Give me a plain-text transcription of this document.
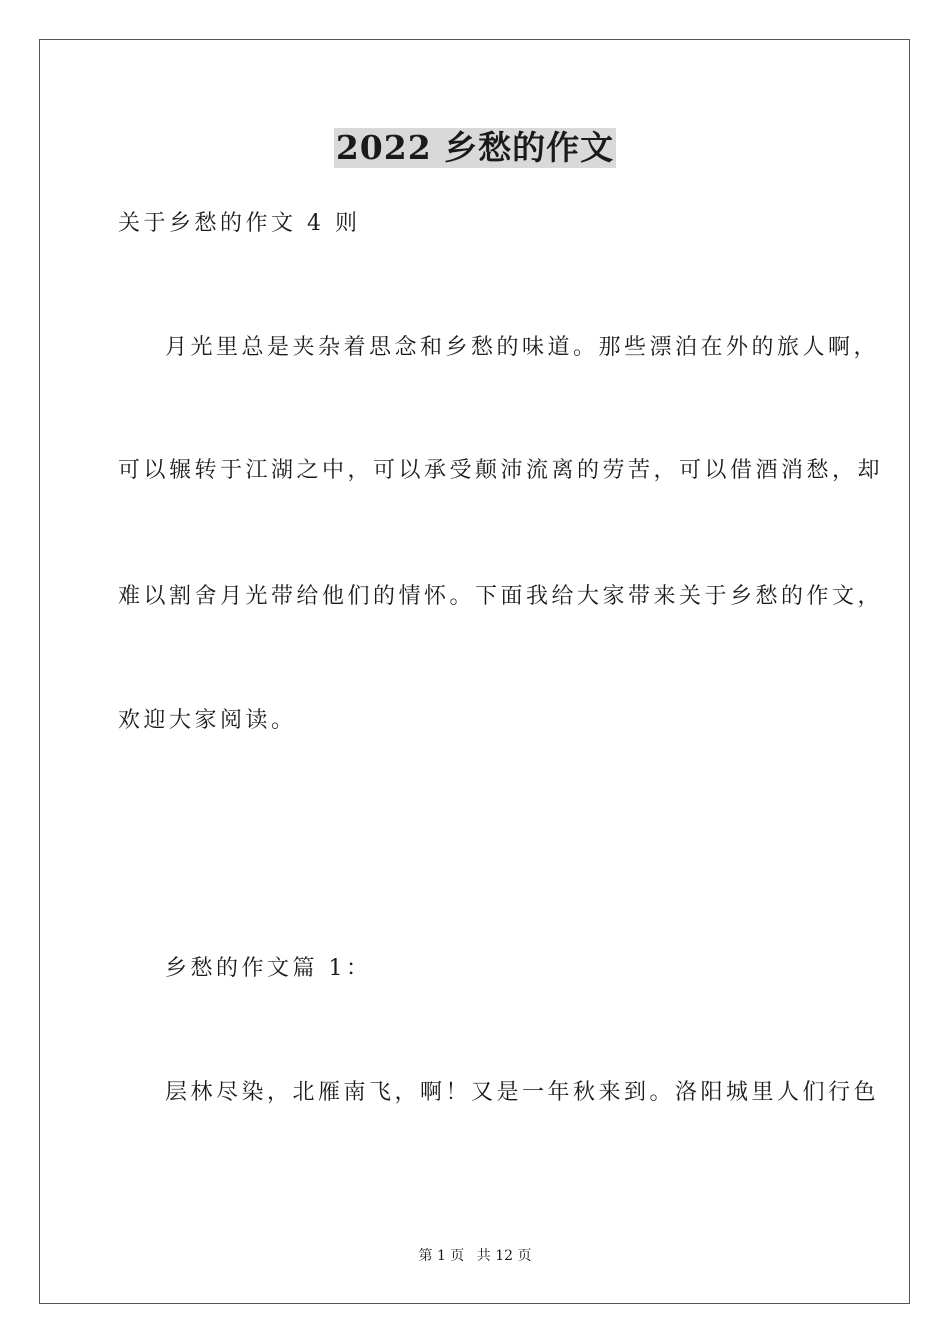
2022 乡愁的作文
关于乡愁的作文 4 则
月光里总是夹杂着思念和乡愁的味道。那些漂泊在外的旅人啊，
可以辗转于江湖之中，可以承受颠沛流离的劳苦，可以借酒消愁，却
难以割舍月光带给他们的情怀。下面我给大家带来关于乡愁的作文，
欢迎大家阅读。
乡愁的作文篇 1：
层林尽染，北雁南飞，啊！又是一年秋来到。洛阳城里人们行色
第 1 页 共 12 页
